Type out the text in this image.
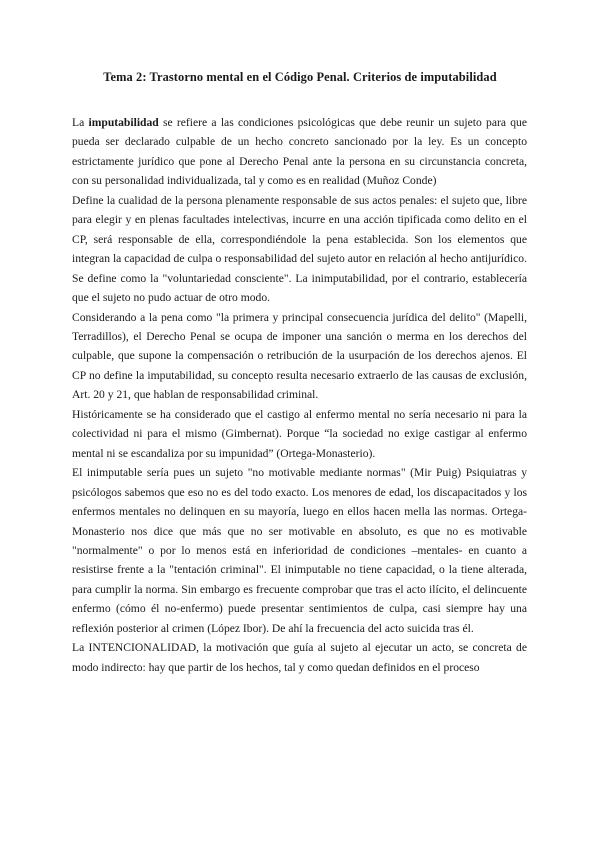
Tema 2: Trastorno mental en el Código Penal. Criterios de imputabilidad

La imputabilidad se refiere a las condiciones psicológicas que debe reunir un sujeto para que pueda ser declarado culpable de un hecho concreto sancionado por la ley. Es un concepto estrictamente jurídico que pone al Derecho Penal ante la persona en su circunstancia concreta, con su personalidad individualizada, tal y como es en realidad (Muñoz Conde)

Define la cualidad de la persona plenamente responsable de sus actos penales: el sujeto que, libre para elegir y en plenas facultades intelectivas, incurre en una acción tipificada como delito en el CP, será responsable de ella, correspondiéndole la pena establecida. Son los elementos que integran la capacidad de culpa o responsabilidad del sujeto autor en relación al hecho antijurídico. Se define como la "voluntariedad consciente". La inimputabilidad, por el contrario, establecería que el sujeto no pudo actuar de otro modo.

Considerando a la pena como "la primera y principal consecuencia jurídica del delito" (Mapelli, Terradillos), el Derecho Penal se ocupa de imponer una sanción o merma en los derechos del culpable, que supone la compensación o retribución de la usurpación de los derechos ajenos. El CP no define la imputabilidad, su concepto resulta necesario extraerlo de las causas de exclusión, Art. 20 y 21, que hablan de responsabilidad criminal.

Históricamente se ha considerado que el castigo al enfermo mental no sería necesario ni para la colectividad ni para el mismo (Gimbernat). Porque “la sociedad no exige castigar al enfermo mental ni se escandaliza por su impunidad” (Ortega-Monasterio).

El inimputable sería pues un sujeto "no motivable mediante normas" (Mir Puig) Psiquiatras y psicólogos sabemos que eso no es del todo exacto. Los menores de edad, los discapacitados y los enfermos mentales no delinquen en su mayoría, luego en ellos hacen mella las normas. Ortega-Monasterio nos dice que más que no ser motivable en absoluto, es que no es motivable "normalmente" o por lo menos está en inferioridad de condiciones –mentales- en cuanto a resistirse frente a la "tentación criminal". El inimputable no tiene capacidad, o la tiene alterada, para cumplir la norma. Sin embargo es frecuente comprobar que tras el acto ilícito, el delincuente enfermo (cómo él no-enfermo) puede presentar sentimientos de culpa, casi siempre hay una reflexión posterior al crimen (López Ibor). De ahí la frecuencia del acto suicida tras él.

La INTENCIONALIDAD, la motivación que guía al sujeto al ejecutar un acto, se concreta de modo indirecto: hay que partir de los hechos, tal y como quedan definidos en el proceso
